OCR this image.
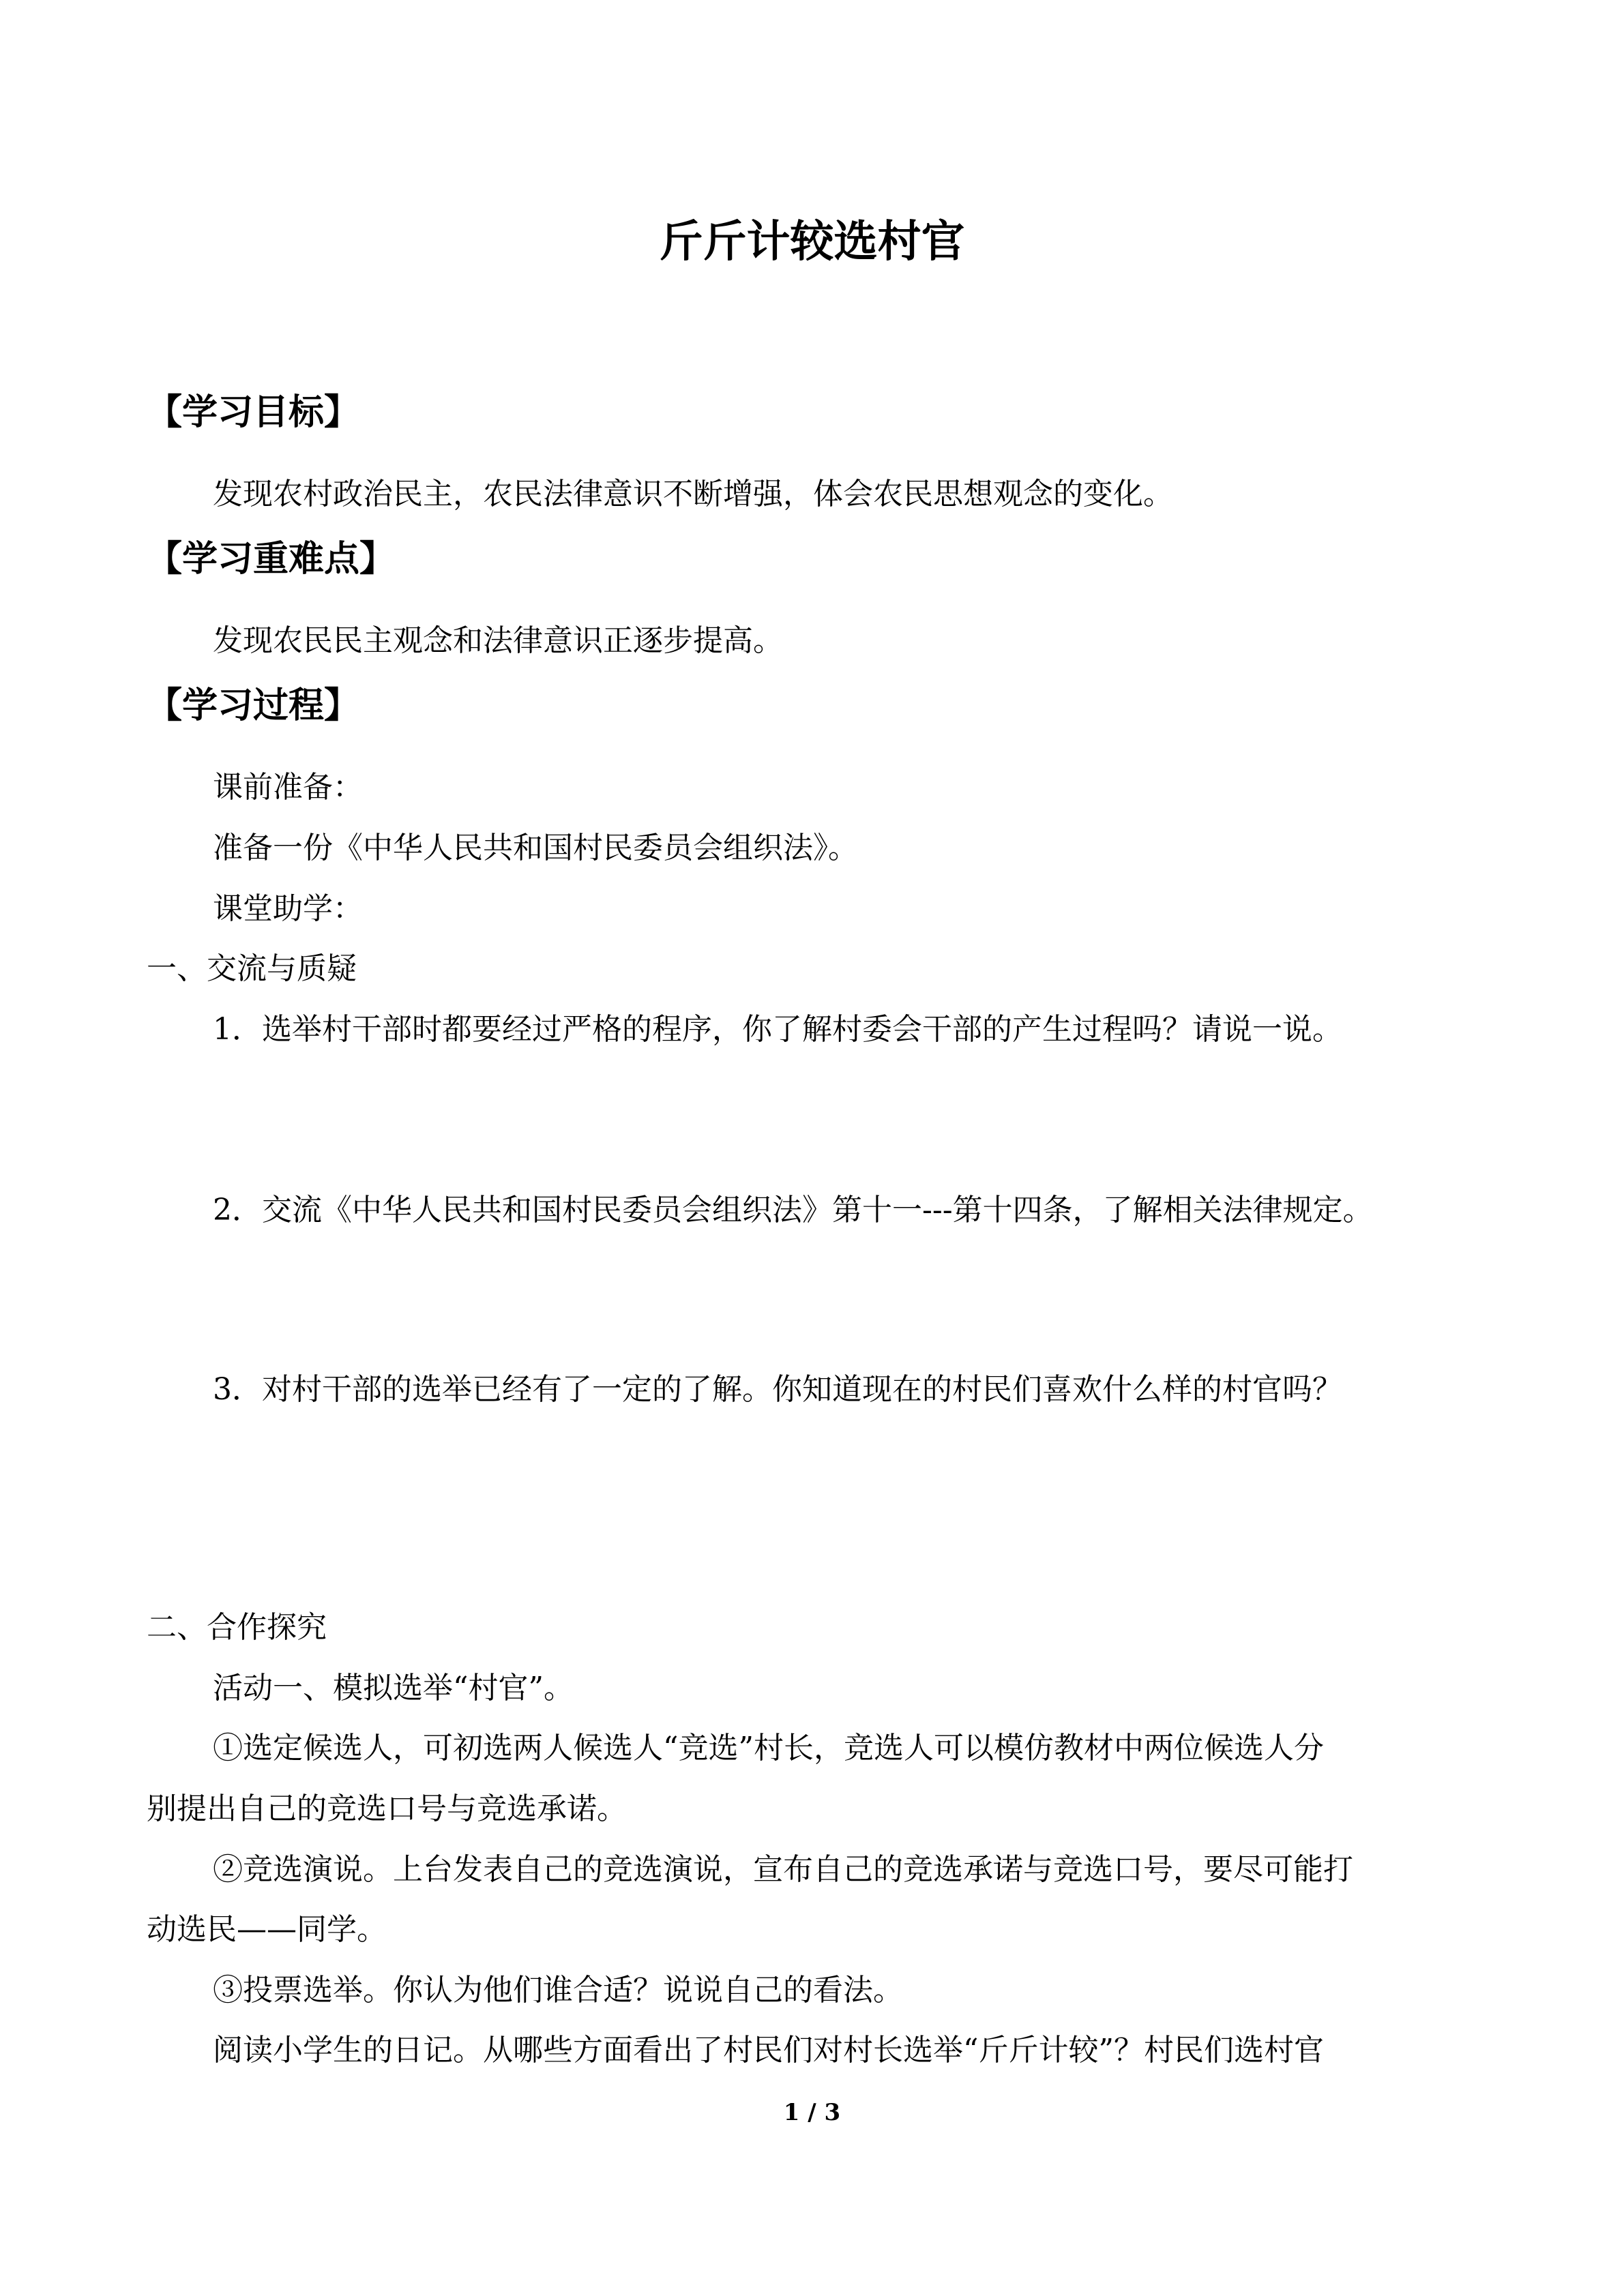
斤斤计较选村官
【学习目标】

发现农村政治民主，农民法律意识不断增强，体会农民思想观念的变化。

【学习重难点】

发现农民民主观念和法律意识正逐步提高。

【学习过程】

课前准备：

准备一份《中华人民共和国村民委员会组织法》。

课堂助学：

一、交流与质疑

1．选举村干部时都要经过严格的程序，你了解村委会干部的产生过程吗？请说一说。

2．交流《中华人民共和国村民委员会组织法》第十一---第十四条，了解相关法律规定。

3．对村干部的选举已经有了一定的了解。你知道现在的村民们喜欢什么样的村官吗？

二、合作探究

活动一、模拟选举“村官”。

①选定候选人，可初选两人候选人“竞选”村长，竞选人可以模仿教材中两位候选人分

别提出自己的竞选口号与竞选承诺。

②竞选演说。上台发表自己的竞选演说，宣布自己的竞选承诺与竞选口号，要尽可能打

动选民——同学。

③投票选举。你认为他们谁合适？说说自己的看法。

阅读小学生的日记。从哪些方面看出了村民们对村长选举“斤斤计较”？村民们选村官

1 / 3
